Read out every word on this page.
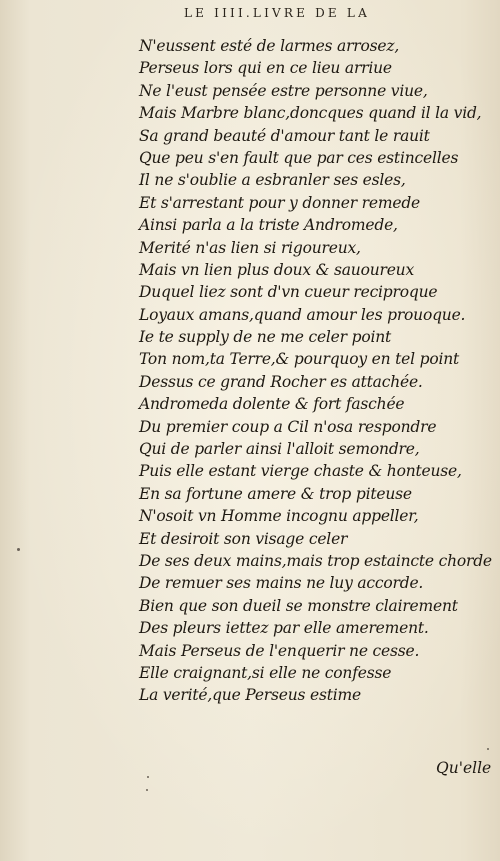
LE IIII.LIVRE DE LA
N'eussent esté de larmes arrosez,
Perseus lors qui en ce lieu arriue
Ne l'eust pensée estre personne viue,
Mais Marbre blanc,doncques quand il la vid,
Sa grand beauté d'amour tant le rauit
Que peu s'en fault que par ces estincelles
Il ne s'oublie a esbranler ses esles,
Et s'arrestant pour y donner remede
Ainsi parla a la triste Andromede,
Merité n'as lien si rigoureux,
Mais vn lien plus doux & sauoureux
Duquel liez sont d'vn cueur reciproque
Loyaux amans,quand amour les prouoque.
Ie te supply de ne me celer point
Ton nom,ta Terre,& pourquoy en tel point
Dessus ce grand Rocher es attachée.
Andromeda dolente & fort faschée
Du premier coup a Cil n'osa respondre
Qui de parler ainsi l'alloit semondre,
Puis elle estant vierge chaste & honteuse,
En sa fortune amere & trop piteuse
N'osoit vn Homme incognu appeller,
Et desiroit son visage celer
De ses deux mains,mais trop estaincte chorde
De remuer ses mains ne luy accorde.
Bien que son dueil se monstre clairement
Des pleurs iettez par elle amerement.
Mais Perseus de l'enquerir ne cesse.
Elle craignant,si elle ne confesse
La verité,que Perseus estime
Qu'elle
